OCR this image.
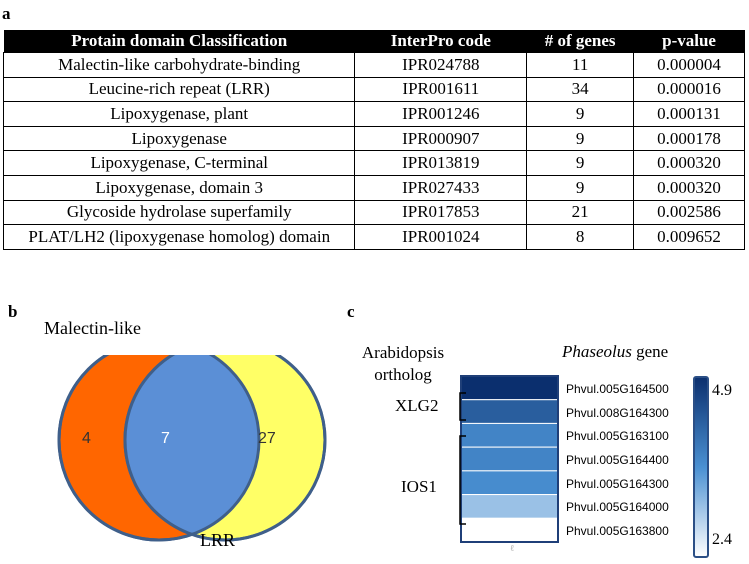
a
Protain domain Classification	InterPro code	# of genes	p-value
Malectin-like carbohydrate-binding	IPR024788	11	0.000004
Leucine-rich repeat (LRR)	IPR001611	34	0.000016
Lipoxygenase, plant	IPR001246	9	0.000131
Lipoxygenase	IPR000907	9	0.000178
Lipoxygenase, C-terminal	IPR013819	9	0.000320
Lipoxygenase, domain 3	IPR027433	9	0.000320
Glycoside hydrolase superfamily	IPR017853	21	0.002586
PLAT/LH2 (lipoxygenase homolog) domain	IPR001024	8	0.009652
b
Malectin-like
4	7	27
LRR
c
Arabidopsis ortholog
Phaseolus gene
ℓ
Phvul.005G164500
Phvul.008G164300
Phvul.005G163100
Phvul.005G164400
Phvul.005G164300
Phvul.005G164000
Phvul.005G163800
XLG2
IOS1
4.9
2.4
